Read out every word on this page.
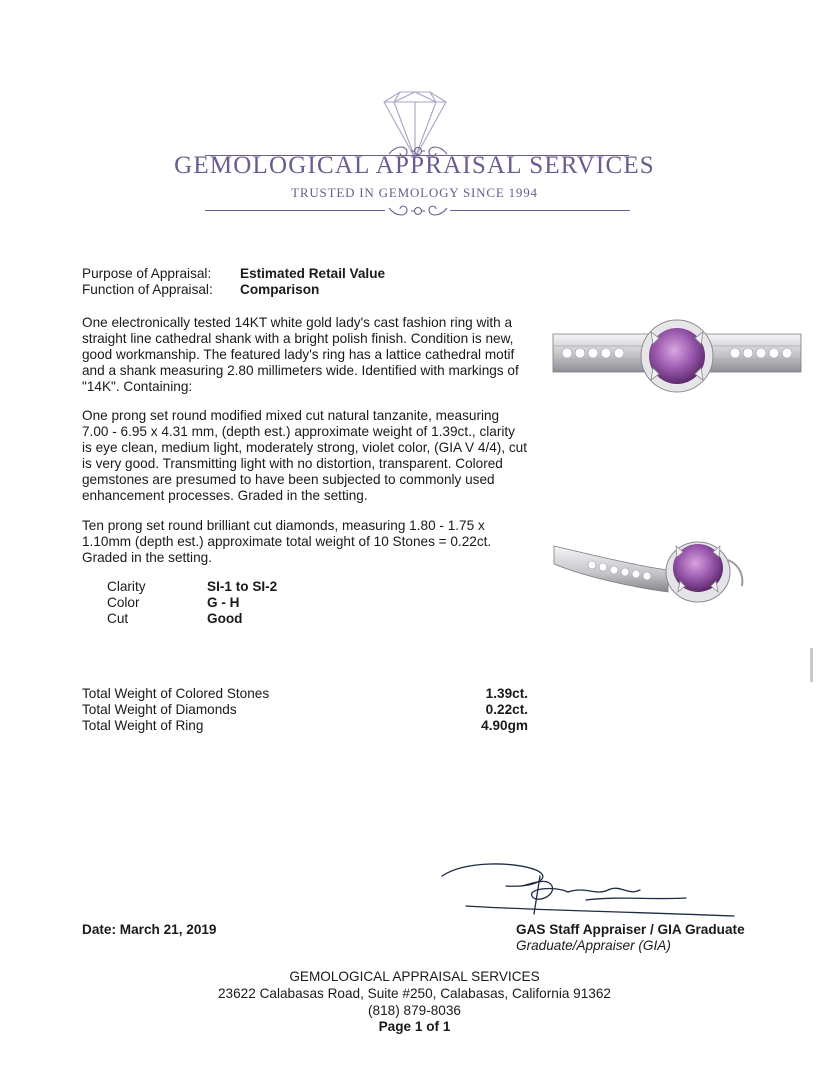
GEMOLOGICAL APPRAISAL SERVICES
TRUSTED IN GEMOLOGY SINCE 1994
Purpose of Appraisal: Estimated Retail Value
Function of Appraisal: Comparison
One electronically tested 14KT white gold lady's cast fashion ring with a straight line cathedral shank with a bright polish finish. Condition is new, good workmanship. The featured lady's ring has a lattice cathedral motif and a shank measuring 2.80 millimeters wide. Identified with markings of "14K". Containing:
One prong set round modified mixed cut natural tanzanite, measuring 7.00 - 6.95 x 4.31 mm, (depth est.) approximate weight of 1.39ct., clarity is eye clean, medium light, moderately strong, violet color, (GIA V 4/4), cut is very good. Transmitting light with no distortion, transparent. Colored gemstones are presumed to have been subjected to commonly used enhancement processes. Graded in the setting.
Ten prong set round brilliant cut diamonds, measuring 1.80 - 1.75 x 1.10mm (depth est.) approximate total weight of 10 Stones = 0.22ct. Graded in the setting.
Clarity	SI-1 to SI-2
Color	G - H
Cut	Good
Total Weight of Colored Stones	1.39ct.
Total Weight of Diamonds	0.22ct.
Total Weight of Ring	4.90gm
Date: March 21, 2019	GAS Staff Appraiser / GIA Graduate
Graduate/Appraiser (GIA)
GEMOLOGICAL APPRAISAL SERVICES
23622 Calabasas Road, Suite #250, Calabasas, California 91362
(818) 879-8036
Page 1 of 1
